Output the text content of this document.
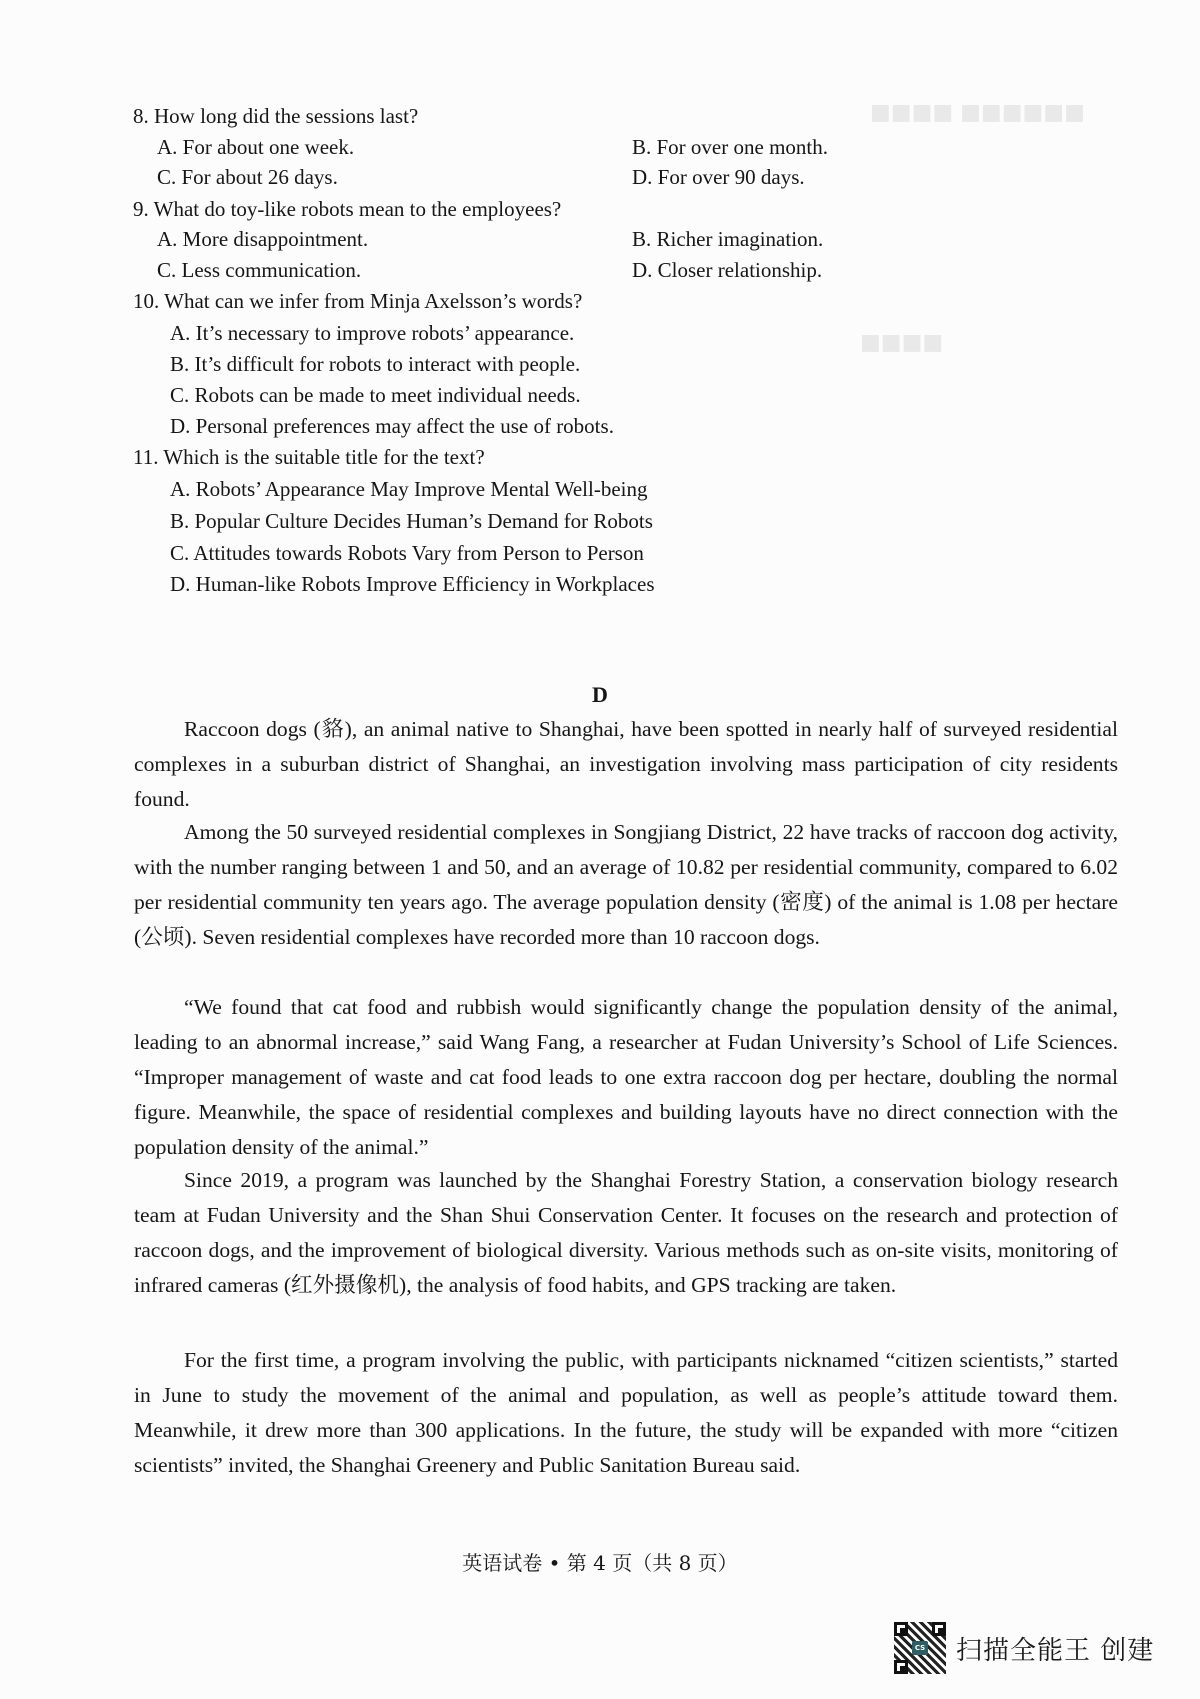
■■■■ ■■■■■■
■■■■
8. How long did the sessions last?
A. For about one week.	B. For over one month.
C. For about 26 days.	D. For over 90 days.
9. What do toy-like robots mean to the employees?
A. More disappointment.	B. Richer imagination.
C. Less communication.	D. Closer relationship.
10. What can we infer from Minja Axelsson’s words?
A. It’s necessary to improve robots’ appearance.
B. It’s difficult for robots to interact with people.
C. Robots can be made to meet individual needs.
D. Personal preferences may affect the use of robots.
11. Which is the suitable title for the text?
A. Robots’ Appearance May Improve Mental Well-being
B. Popular Culture Decides Human’s Demand for Robots
C. Attitudes towards Robots Vary from Person to Person
D. Human-like Robots Improve Efficiency in Workplaces
D

Raccoon dogs (貉), an animal native to Shanghai, have been spotted in nearly half of surveyed residential complexes in a suburban district of Shanghai, an investigation involving mass participation of city residents found.

Among the 50 surveyed residential complexes in Songjiang District, 22 have tracks of raccoon dog activity, with the number ranging between 1 and 50, and an average of 10.82 per residential community, compared to 6.02 per residential community ten years ago. The average population density (密度) of the animal is 1.08 per hectare (公顷). Seven residential complexes have recorded more than 10 raccoon dogs.

“We found that cat food and rubbish would significantly change the population density of the animal, leading to an abnormal increase,” said Wang Fang, a researcher at Fudan University’s School of Life Sciences. “Improper management of waste and cat food leads to one extra raccoon dog per hectare, doubling the normal figure. Meanwhile, the space of residential complexes and building layouts have no direct connection with the population density of the animal.”

Since 2019, a program was launched by the Shanghai Forestry Station, a conservation biology research team at Fudan University and the Shan Shui Conservation Center. It focuses on the research and protection of raccoon dogs, and the improvement of biological diversity. Various methods such as on-site visits, monitoring of infrared cameras (红外摄像机), the analysis of food habits, and GPS tracking are taken.

For the first time, a program involving the public, with participants nicknamed “citizen scientists,” started in June to study the movement of the animal and population, as well as people’s attitude toward them. Meanwhile, it drew more than 300 applications. In the future, the study will be expanded with more “citizen scientists” invited, the Shanghai Greenery and Public Sanitation Bureau said.

英语试卷 • 第 4 页（共 8 页）
CS 扫描全能王 创建
